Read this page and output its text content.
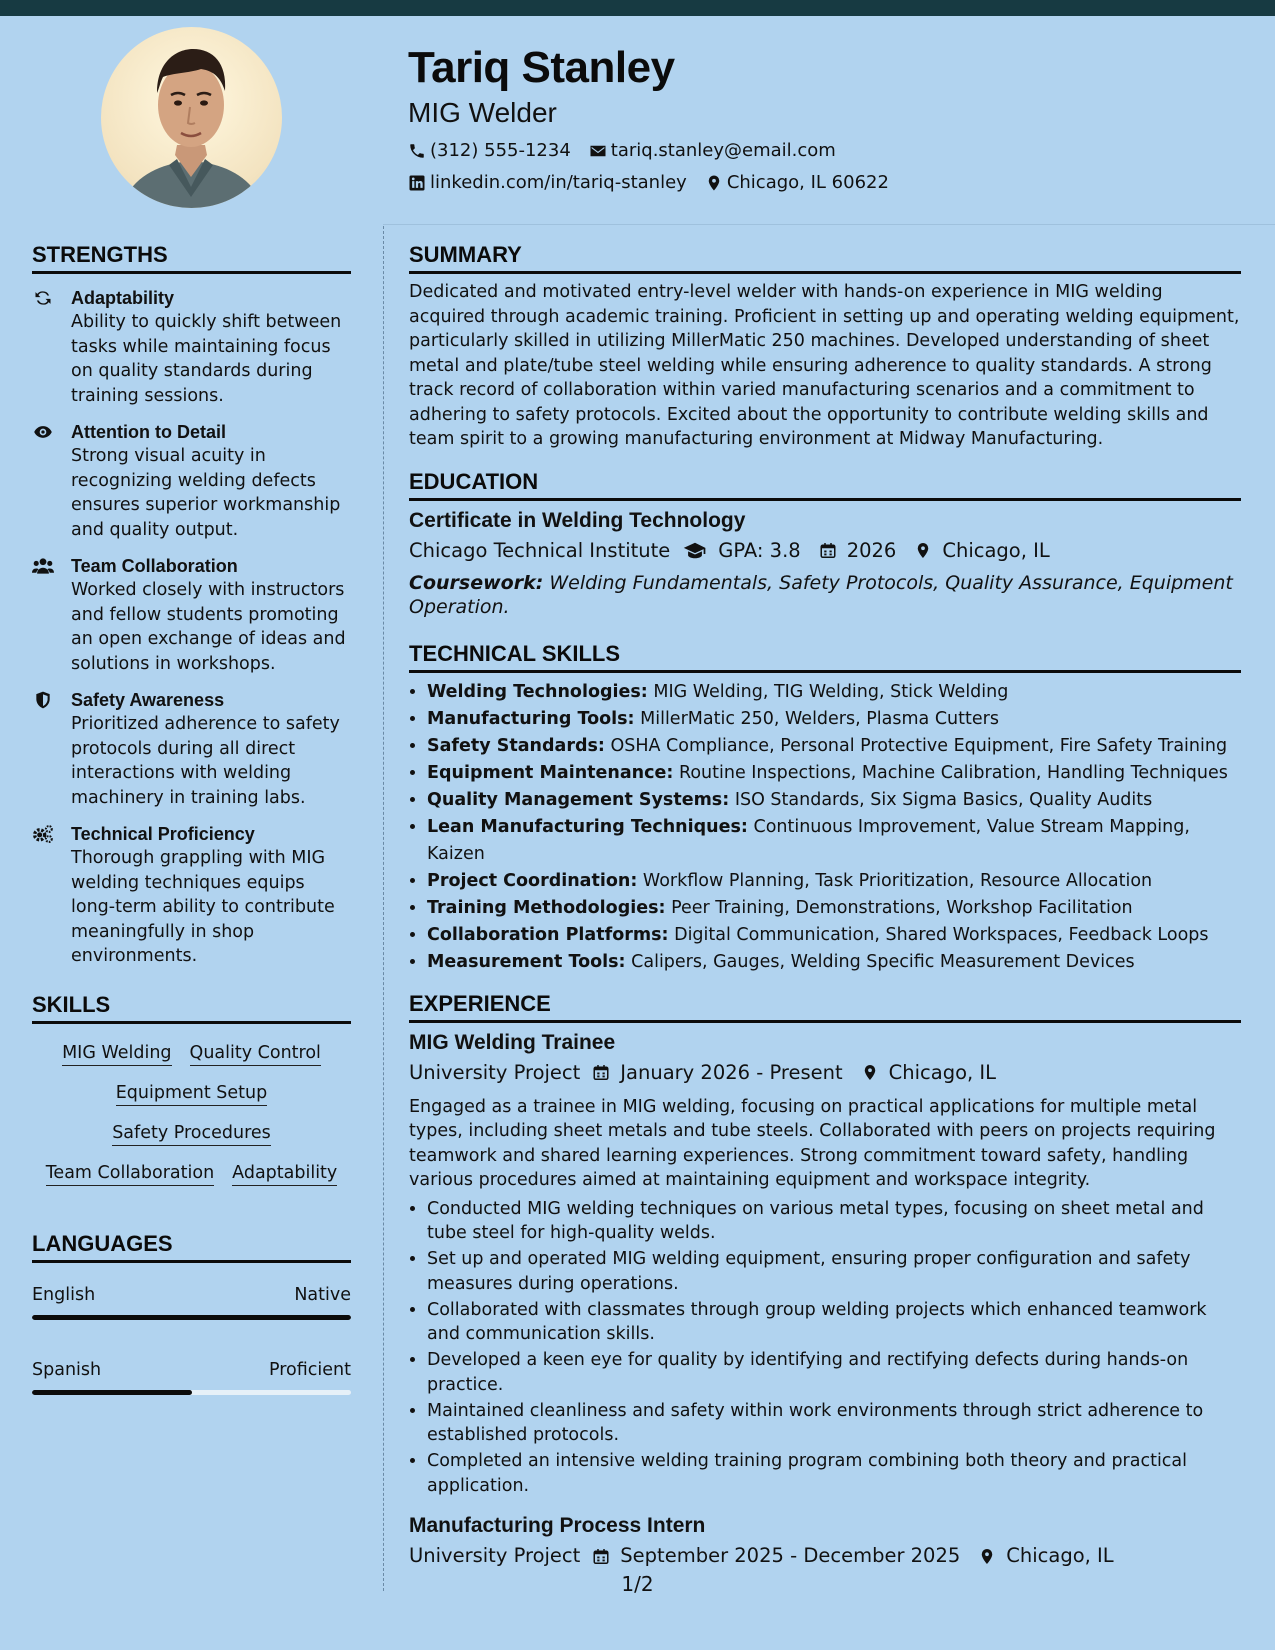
Tariq Stanley
MIG Welder
(312) 555-1234 tariq.stanley@email.com
linkedin.com/in/tariq-stanley Chicago, IL 60622
STRENGTHS
Adaptability
Ability to quickly shift between tasks while maintaining focus on quality standards during training sessions.
Attention to Detail
Strong visual acuity in recognizing welding defects ensures superior workmanship and quality output.
Team Collaboration
Worked closely with instructors and fellow students promoting an open exchange of ideas and solutions in workshops.
Safety Awareness
Prioritized adherence to safety protocols during all direct interactions with welding machinery in training labs.
Technical Proficiency
Thorough grappling with MIG welding techniques equips long-term ability to contribute meaningfully in shop environments.
SKILLS
MIG Welding Quality Control
Equipment Setup
Safety Procedures
Team Collaboration Adaptability
LANGUAGES
English	Native
Spanish	Proficient
SUMMARY
Dedicated and motivated entry-level welder with hands-on experience in MIG welding acquired through academic training. Proficient in setting up and operating welding equipment, particularly skilled in utilizing MillerMatic 250 machines. Developed understanding of sheet metal and plate/tube steel welding while ensuring adherence to quality standards. A strong track record of collaboration within varied manufacturing scenarios and a commitment to adhering to safety protocols. Excited about the opportunity to contribute welding skills and team spirit to a growing manufacturing environment at Midway Manufacturing.
EDUCATION
Certificate in Welding Technology
Chicago Technical Institute GPA: 3.8 2026 Chicago, IL
Coursework: Welding Fundamentals, Safety Protocols, Quality Assurance, Equipment Operation.
TECHNICAL SKILLS
• Welding Technologies: MIG Welding, TIG Welding, Stick Welding
• Manufacturing Tools: MillerMatic 250, Welders, Plasma Cutters
• Safety Standards: OSHA Compliance, Personal Protective Equipment, Fire Safety Training
• Equipment Maintenance: Routine Inspections, Machine Calibration, Handling Techniques
• Quality Management Systems: ISO Standards, Six Sigma Basics, Quality Audits
• Lean Manufacturing Techniques: Continuous Improvement, Value Stream Mapping, Kaizen
• Project Coordination: Workflow Planning, Task Prioritization, Resource Allocation
• Training Methodologies: Peer Training, Demonstrations, Workshop Facilitation
• Collaboration Platforms: Digital Communication, Shared Workspaces, Feedback Loops
• Measurement Tools: Calipers, Gauges, Welding Specific Measurement Devices
EXPERIENCE
MIG Welding Trainee
University Project January 2026 - Present Chicago, IL
Engaged as a trainee in MIG welding, focusing on practical applications for multiple metal types, including sheet metals and tube steels. Collaborated with peers on projects requiring teamwork and shared learning experiences. Strong commitment toward safety, handling various procedures aimed at maintaining equipment and workspace integrity.
• Conducted MIG welding techniques on various metal types, focusing on sheet metal and tube steel for high-quality welds.
• Set up and operated MIG welding equipment, ensuring proper configuration and safety measures during operations.
• Collaborated with classmates through group welding projects which enhanced teamwork and communication skills.
• Developed a keen eye for quality by identifying and rectifying defects during hands-on practice.
• Maintained cleanliness and safety within work environments through strict adherence to established protocols.
• Completed an intensive welding training program combining both theory and practical application.
Manufacturing Process Intern
University Project September 2025 - December 2025 Chicago, IL
1/2
